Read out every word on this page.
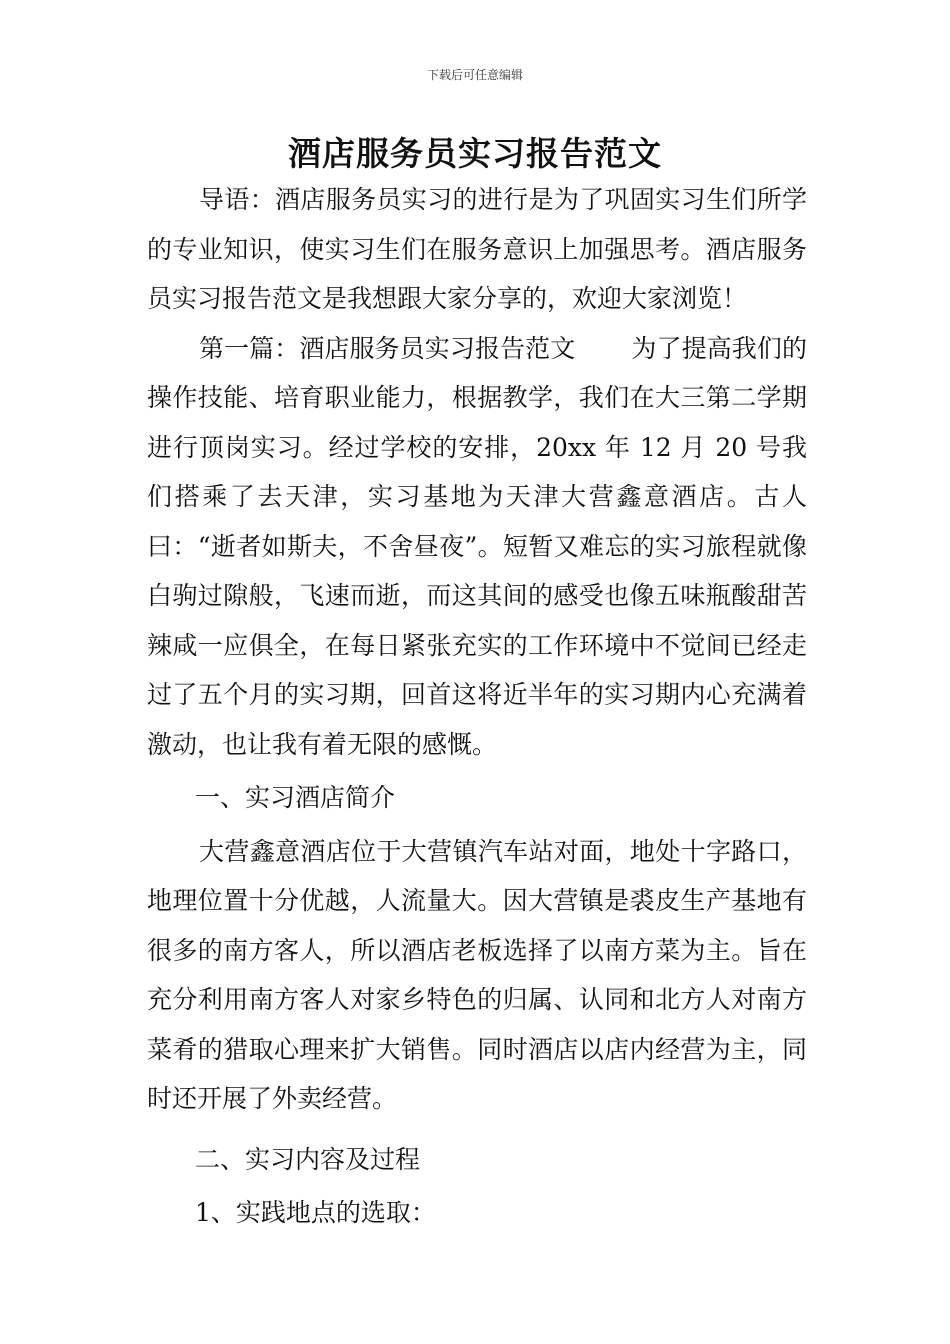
下载后可任意编辑
酒店服务员实习报告范文

导语：酒店服务员实习的进行是为了巩固实习生们所学的专业知识，使实习生们在服务意识上加强思考。酒店服务员实习报告范文是我想跟大家分享的，欢迎大家浏览！

第一篇：酒店服务员实习报告范文 为了提高我们的操作技能、培育职业能力，根据教学，我们在大三第二学期进行顶岗实习。经过学校的安排，20xx 年 12 月 20 号我们搭乘了去天津，实习基地为天津大营鑫意酒店。古人曰：“逝者如斯夫，不舍昼夜”。短暂又难忘的实习旅程就像白驹过隙般，飞速而逝，而这其间的感受也像五味瓶酸甜苦辣咸一应俱全，在每日紧张充实的工作环境中不觉间已经走过了五个月的实习期，回首这将近半年的实习期内心充满着激动，也让我有着无限的感慨。

一、实习酒店简介

大营鑫意酒店位于大营镇汽车站对面，地处十字路口，地理位置十分优越，人流量大。因大营镇是裘皮生产基地有很多的南方客人，所以酒店老板选择了以南方菜为主。旨在充分利用南方客人对家乡特色的归属、认同和北方人对南方菜肴的猎取心理来扩大销售。同时酒店以店内经营为主，同时还开展了外卖经营。

二、实习内容及过程

1、实践地点的选取：
